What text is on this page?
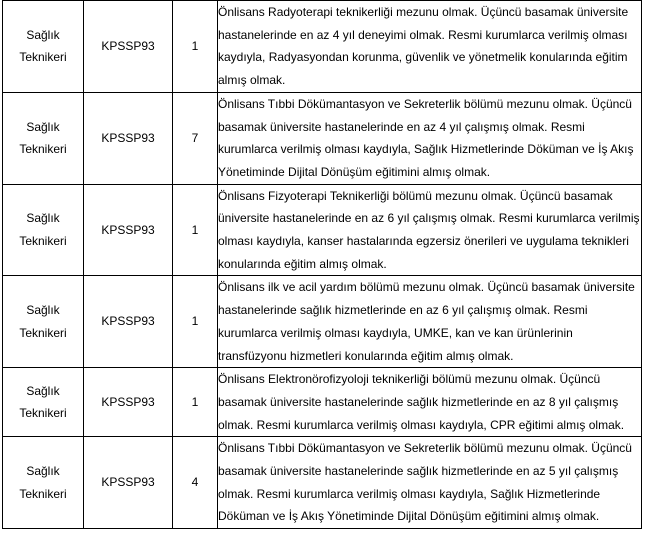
Sağlık Teknikeri	KPSSP93	1	Önlisans Radyoterapi teknikerliği mezunu olmak. Üçüncü basamak üniversite hastanelerinde en az 4 yıl deneyimi olmak. Resmi kurumlarca verilmiş olması kaydıyla, Radyasyondan korunma, güvenlik ve yönetmelik konularında eğitim almış olmak.
Sağlık Teknikeri	KPSSP93	7	Önlisans Tıbbi Dökümantasyon ve Sekreterlik bölümü mezunu olmak. Üçüncü basamak üniversite hastanelerinde en az 4 yıl çalışmış olmak. Resmi kurumlarca verilmiş olması kaydıyla, Sağlık Hizmetlerinde Döküman ve İş Akış Yönetiminde Dijital Dönüşüm eğitimini almış olmak.
Sağlık Teknikeri	KPSSP93	1	Önlisans Fizyoterapi Teknikerliği bölümü mezunu olmak. Üçüncü basamak üniversite hastanelerinde en az 6 yıl çalışmış olmak. Resmi kurumlarca verilmiş olması kaydıyla, kanser hastalarında egzersiz önerileri ve uygulama teknikleri konularında eğitim almış olmak.
Sağlık Teknikeri	KPSSP93	1	Önlisans ilk ve acil yardım bölümü mezunu olmak. Üçüncü basamak üniversite hastanelerinde sağlık hizmetlerinde en az 6 yıl çalışmış olmak. Resmi kurumlarca verilmiş olması kaydıyla, UMKE, kan ve kan ürünlerinin transfüzyonu hizmetleri konularında eğitim almış olmak.
Sağlık Teknikeri	KPSSP93	1	Önlisans Elektronörofizyoloji teknikerliği bölümü mezunu olmak. Üçüncü basamak üniversite hastanelerinde sağlık hizmetlerinde en az 8 yıl çalışmış olmak. Resmi kurumlarca verilmiş olması kaydıyla, CPR eğitimi almış olmak.
Sağlık Teknikeri	KPSSP93	4	Önlisans Tıbbi Dökümantasyon ve Sekreterlik bölümü mezunu olmak. Üçüncü basamak üniversite hastanelerinde sağlık hizmetlerinde en az 5 yıl çalışmış olmak. Resmi kurumlarca verilmiş olması kaydıyla, Sağlık Hizmetlerinde Döküman ve İş Akış Yönetiminde Dijital Dönüşüm eğitimini almış olmak.
